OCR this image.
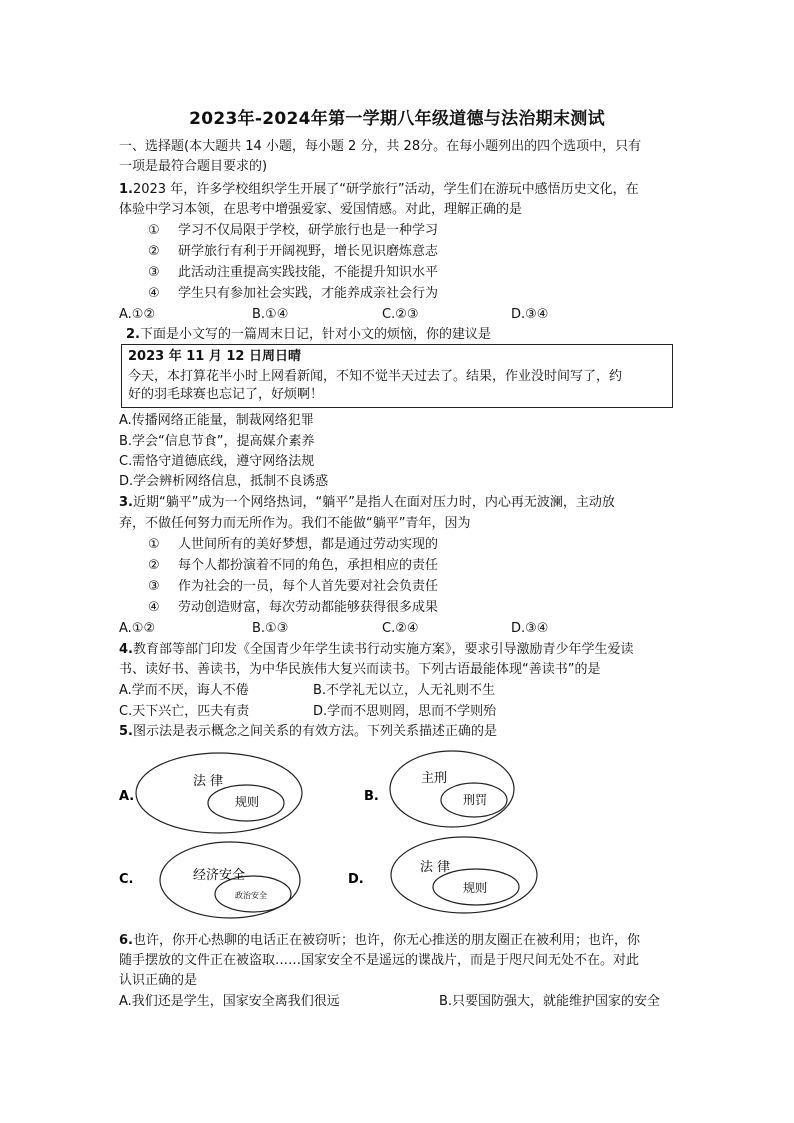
2023年-2024年第一学期八年级道德与法治期末测试
一、选择题(本大题共 14 小题，每小题 2 分，共 28分。在每小题列出的四个选项中，只有
一项是最符合题目要求的)
1.2023 年，许多学校组织学生开展了“研学旅行”活动，学生们在游玩中感悟历史文化，在
体验中学习本领，在思考中增强爱家、爱国情感。对此，理解正确的是
① 学习不仅局限于学校，研学旅行也是一种学习
② 研学旅行有利于开阔视野，增长见识磨炼意志
③ 此活动注重提高实践技能，不能提升知识水平
④ 学生只有参加社会实践，才能养成亲社会行为
A.①②	B.①④	C.②③	D.③④
2.下面是小文写的一篇周末日记，针对小文的烦恼，你的建议是
2023 年 11 月 12 日周日晴
今天，本打算花半小时上网看新闻，不知不觉半天过去了。结果，作业没时间写了，约
好的羽毛球赛也忘记了，好烦啊！
A.传播网络正能量，制裁网络犯罪
B.学会“信息节食”，提高媒介素养
C.需恪守道德底线，遵守网络法规
D.学会辨析网络信息，抵制不良诱惑
3.近期“躺平”成为一个网络热词，“躺平”是指人在面对压力时，内心再无波澜，主动放
弃，不做任何努力而无所作为。我们不能做“躺平”青年，因为
① 人世间所有的美好梦想，都是通过劳动实现的
② 每个人都扮演着不同的角色，承担相应的责任
③ 作为社会的一员，每个人首先要对社会负责任
④ 劳动创造财富，每次劳动都能够获得很多成果
A.①②	B.①③	C.②④	D.③④
4.教育部等部门印发《全国青少年学生读书行动实施方案》，要求引导激励青少年学生爱读
书、读好书、善读书，为中华民族伟大复兴而读书。下列古语最能体现“善读书”的是
A.学而不厌，诲人不倦	B.不学礼无以立，人无礼则不生
C.天下兴亡，匹夫有责	D.学而不思则罔，思而不学则殆
5.图示法是表示概念之间关系的有效方法。下列关系描述正确的是
A.
法 律
规则	B.
主刑
刑罚
C.	经济安全
政治安全
D.
法 律
规则
6.也许，你开心热聊的电话正在被窃听；也许，你无心推送的朋友圈正在被利用；也许，你
随手摆放的文件正在被盗取……国家安全不是遥远的谍战片，而是于咫尺间无处不在。对此
认识正确的是
A.我们还是学生，国家安全离我们很远	B.只要国防强大，就能维护国家的安全
